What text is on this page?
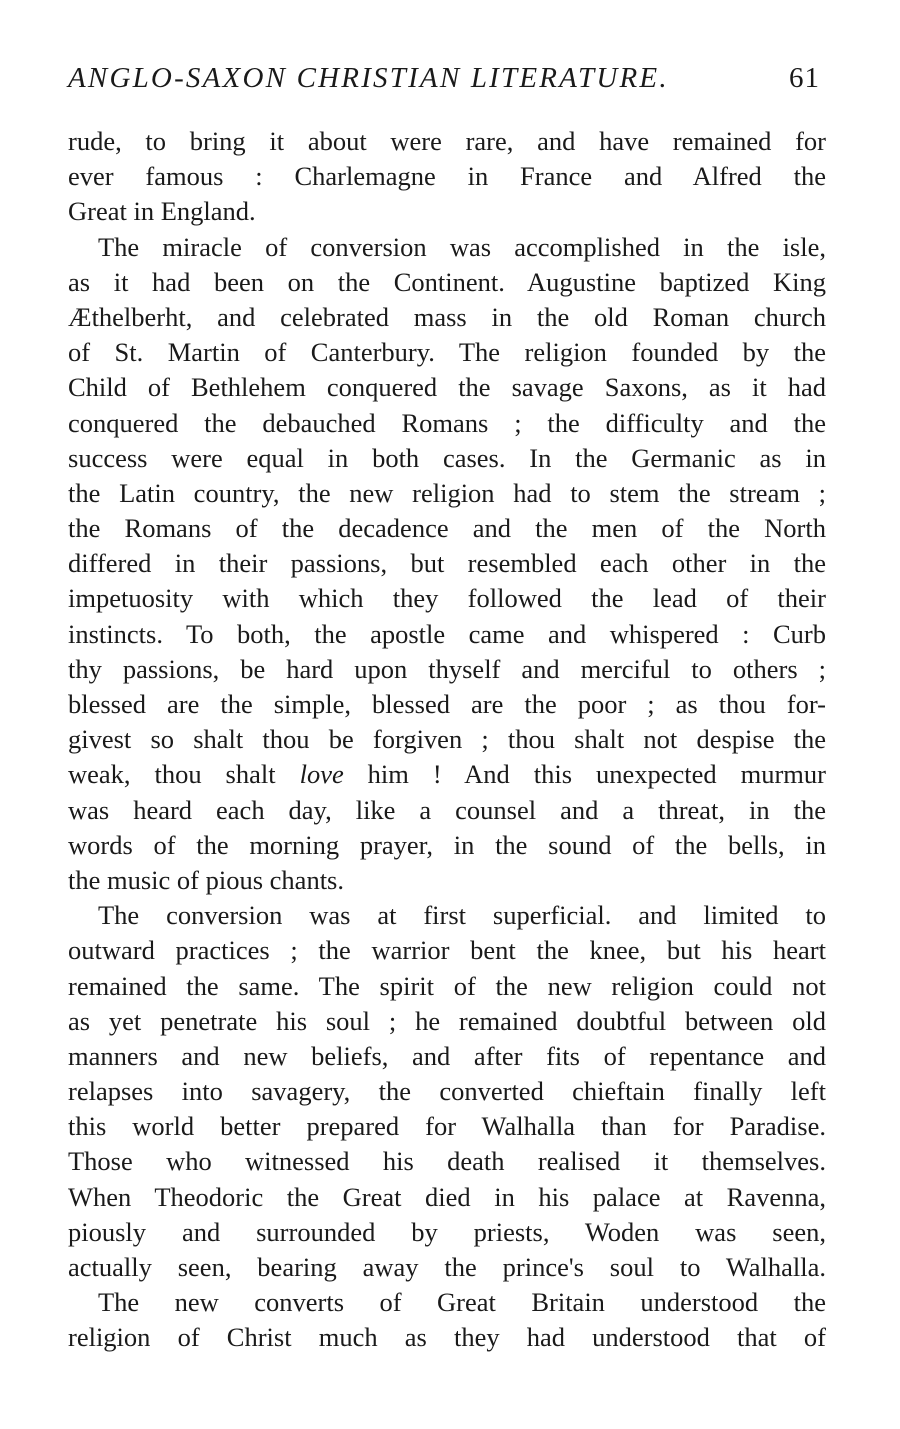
ANGLO-SAXON CHRISTIAN LITERATURE.	61
rude, to bring it about were rare, and have remained for
ever famous : Charlemagne in France and Alfred the
Great in England.
The miracle of conversion was accomplished in the isle,
as it had been on the Continent. Augustine baptized King
Æthelberht, and celebrated mass in the old Roman church
of St. Martin of Canterbury. The religion founded by the
Child of Bethlehem conquered the savage Saxons, as it had
conquered the debauched Romans ; the difficulty and the
success were equal in both cases. In the Germanic as in
the Latin country, the new religion had to stem the stream ;
the Romans of the decadence and the men of the North
differed in their passions, but resembled each other in the
impetuosity with which they followed the lead of their
instincts. To both, the apostle came and whispered : Curb
thy passions, be hard upon thyself and merciful to others ;
blessed are the simple, blessed are the poor ; as thou for-
givest so shalt thou be forgiven ; thou shalt not despise the
weak, thou shalt love him ! And this unexpected murmur
was heard each day, like a counsel and a threat, in the
words of the morning prayer, in the sound of the bells, in
the music of pious chants.
The conversion was at first superficial. and limited to
outward practices ; the warrior bent the knee, but his heart
remained the same. The spirit of the new religion could not
as yet penetrate his soul ; he remained doubtful between old
manners and new beliefs, and after fits of repentance and
relapses into savagery, the converted chieftain finally left
this world better prepared for Walhalla than for Paradise.
Those who witnessed his death realised it themselves.
When Theodoric the Great died in his palace at Ravenna,
piously and surrounded by priests, Woden was seen,
actually seen, bearing away the prince's soul to Walhalla.
The new converts of Great Britain understood the
religion of Christ much as they had understood that of
